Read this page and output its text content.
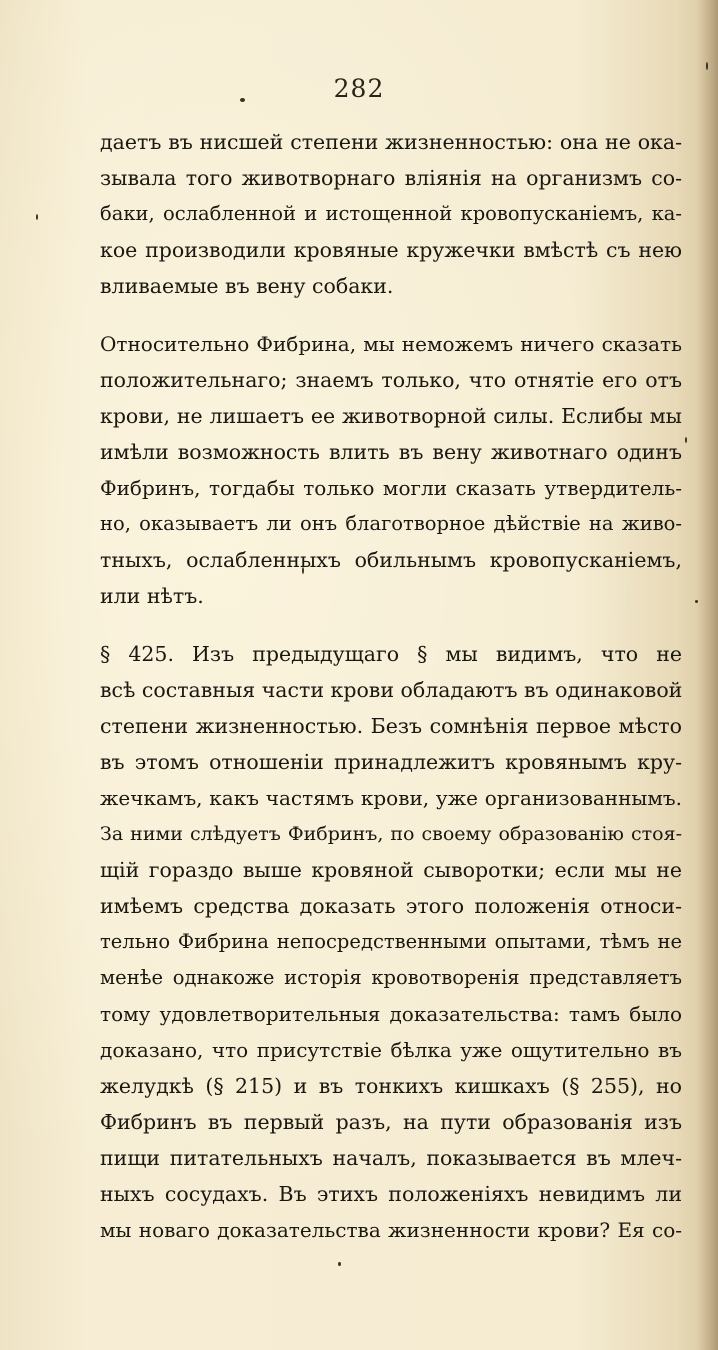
282
даетъ въ нисшей степени жизненностью: она не ока-
зывала того животворнаго вліянія на организмъ со-
баки, ослабленной и истощенной кровопусканіемъ, ка-
кое производили кровяные кружечки вмѣстѣ съ нею
вливаемые въ вену собаки.
Относительно Фибрина, мы неможемъ ничего сказать
положительнаго; знаемъ только, что отнятіе его отъ
крови, не лишаетъ ее животворной силы. Еслибы мы
имѣли возможность влить въ вену животнаго одинъ
Фибринъ, тогдабы только могли сказать утвердитель-
но, оказываетъ ли онъ благотворное дѣйствіе на живо-
тныхъ, ослабленныхъ обильнымъ кровопусканіемъ,
или нѣтъ.
§ 425. Изъ предыдущаго § мы видимъ, что не
всѣ составныя части крови обладаютъ въ одинаковой
степени жизненностью. Безъ сомнѣнія первое мѣсто
въ этомъ отношеніи принадлежитъ кровянымъ кру-
жечкамъ, какъ частямъ крови, уже организованнымъ.
За ними слѣдуетъ Фибринъ, по своему образованію стоя-
щій гораздо выше кровяной сыворотки; если мы не
имѣемъ средства доказать этого положенія относи-
тельно Фибрина непосредственными опытами, тѣмъ не
менѣе однакоже исторія кровотворенія представляетъ
тому удовлетворительныя доказательства: тамъ было
доказано, что присутствіе бѣлка уже ощутительно въ
желудкѣ (§ 215) и въ тонкихъ кишкахъ (§ 255), но
Фибринъ въ первый разъ, на пути образованія изъ
пищи питательныхъ началъ, показывается въ млеч-
ныхъ сосудахъ. Въ этихъ положеніяхъ невидимъ ли
мы новаго доказательства жизненности крови? Ея со-
